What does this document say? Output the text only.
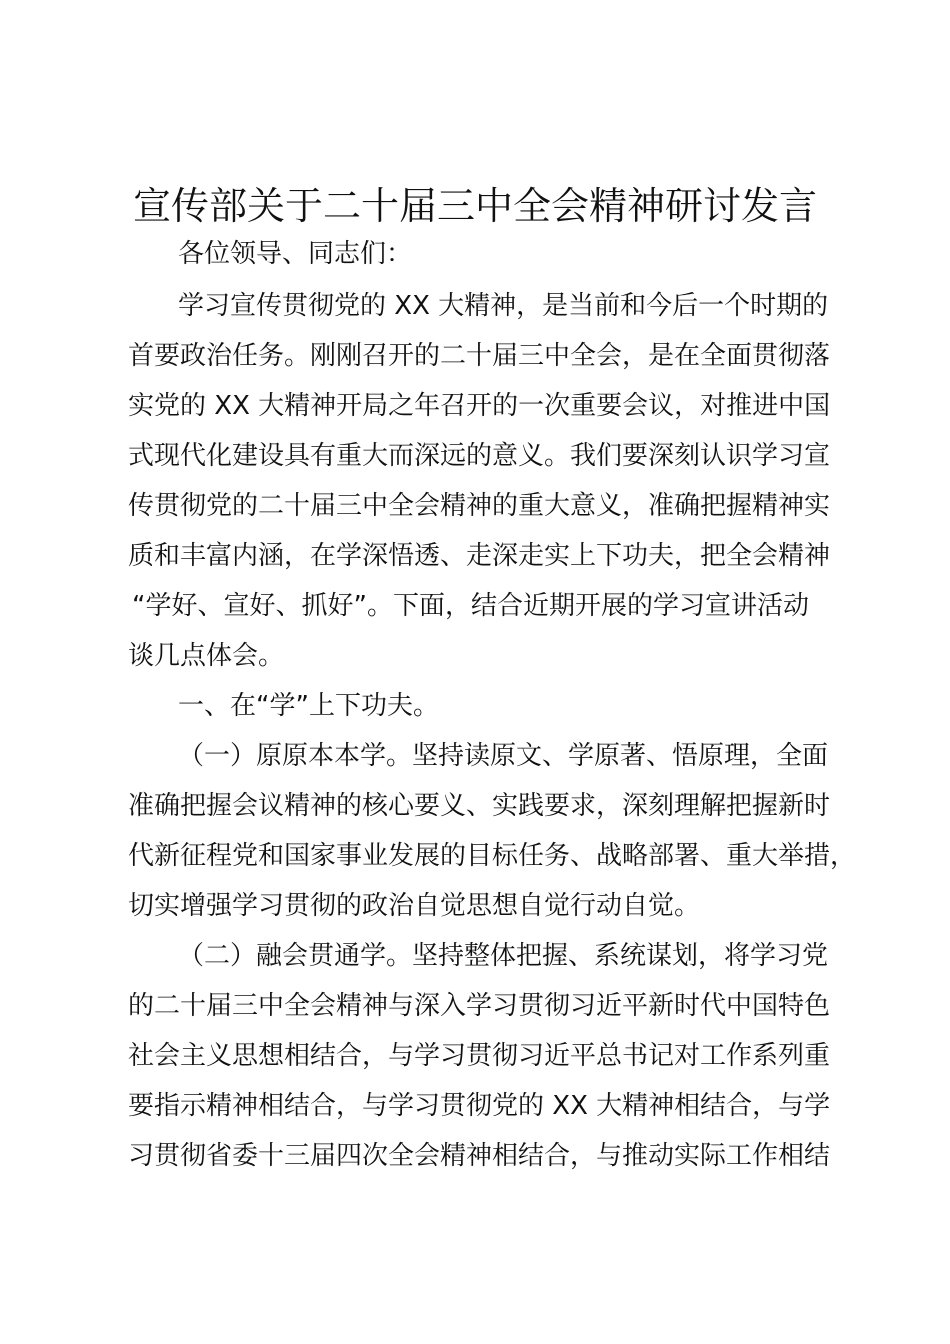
宣传部关于二十届三中全会精神研讨发言
各位领导、同志们：
学习宣传贯彻党的 XX 大精神，是当前和今后一个时期的
首要政治任务。刚刚召开的二十届三中全会，是在全面贯彻落
实党的 XX 大精神开局之年召开的一次重要会议，对推进中国
式现代化建设具有重大而深远的意义。我们要深刻认识学习宣
传贯彻党的二十届三中全会精神的重大意义，准确把握精神实
质和丰富内涵，在学深悟透、走深走实上下功夫，把全会精神
“学好、宣好、抓好”。下面，结合近期开展的学习宣讲活动
谈几点体会。
一、在“学”上下功夫。
（一）原原本本学。坚持读原文、学原著、悟原理，全面
准确把握会议精神的核心要义、实践要求，深刻理解把握新时
代新征程党和国家事业发展的目标任务、战略部署、重大举措，
切实增强学习贯彻的政治自觉思想自觉行动自觉。
（二）融会贯通学。坚持整体把握、系统谋划，将学习党
的二十届三中全会精神与深入学习贯彻习近平新时代中国特色
社会主义思想相结合，与学习贯彻习近平总书记对工作系列重
要指示精神相结合，与学习贯彻党的 XX 大精神相结合，与学
习贯彻省委十三届四次全会精神相结合，与推动实际工作相结
